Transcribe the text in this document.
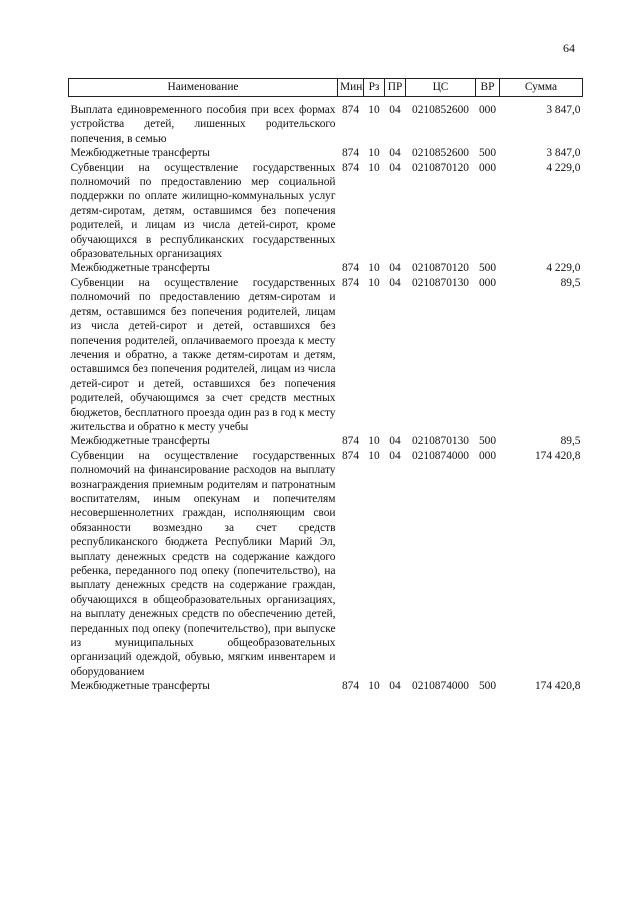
64
Наименование	Мин	Рз	ПР	ЦС	ВР	Сумма
Выплата единовременного пособия при всех формах устройства детей, лишенных родительского попечения, в семью	874	10	04	0210852600	000	3 847,0
Межбюджетные трансферты	874	10	04	0210852600	500	3 847,0
Субвенции на осуществление государственных полномочий по предоставлению мер социальной поддержки по оплате жилищно-коммунальных услуг детям-сиротам, детям, оставшимся без попечения родителей, и лицам из числа детей-сирот, кроме обучающихся в республиканских государственных образовательных организациях	874	10	04	0210870120	000	4 229,0
Межбюджетные трансферты	874	10	04	0210870120	500	4 229,0
Субвенции на осуществление государственных полномочий по предоставлению детям-сиротам и детям, оставшимся без попечения родителей, лицам из числа детей-сирот и детей, оставшихся без попечения родителей, оплачиваемого проезда к месту лечения и обратно, а также детям-сиротам и детям, оставшимся без попечения родителей, лицам из числа детей-сирот и детей, оставшихся без попечения родителей, обучающимся за счет средств местных бюджетов, бесплатного проезда один раз в год к месту жительства и обратно к месту учебы	874	10	04	0210870130	000	89,5
Межбюджетные трансферты	874	10	04	0210870130	500	89,5
Субвенции на осуществление государственных полномочий на финансирование расходов на выплату вознаграждения приемным родителям и патронатным воспитателям, иным опекунам и попечителям несовершеннолетних граждан, исполняющим свои обязанности возмездно за счет средств республиканского бюджета Республики Марий Эл, выплату денежных средств на содержание каждого ребенка, переданного под опеку (попечительство), на выплату денежных средств на содержание граждан, обучающихся в общеобразовательных организациях, на выплату денежных средств по обеспечению детей, переданных под опеку (попечительство), при выпуске из муниципальных общеобразовательных организаций одеждой, обувью, мягким инвентарем и оборудованием	874	10	04	0210874000	000	174 420,8
Межбюджетные трансферты	874	10	04	0210874000	500	174 420,8
